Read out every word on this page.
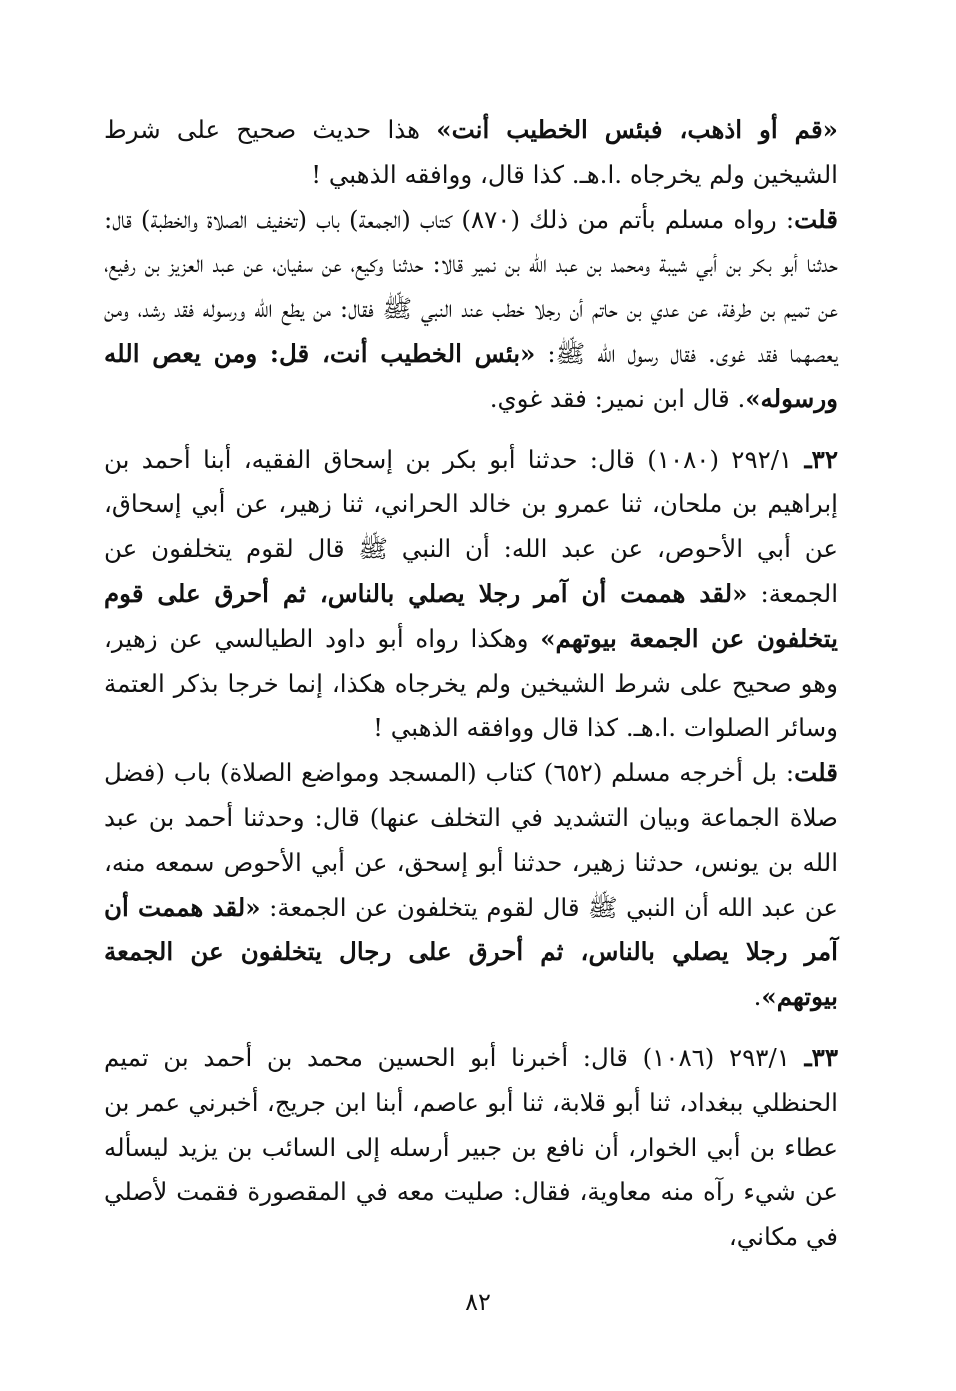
«قم أو اذهب، فبئس الخطيب أنت» هذا حديث صحيح على شرط الشيخين ولم يخرجاه .ا.هـ. كذا قال، ووافقه الذهبي !

قلت: رواه مسلم بأتم من ذلك (٨٧٠) كتاب (الجمعة) باب (تخفيف الصلاة والخطبة) قال: حدثنا أبو بكر بن أبي شيبة ومحمد بن عبد الله بن نمير قالا: حدثنا وكيع، عن سفيان، عن عبد العزيز بن رفيع، عن تميم بن طرفة، عن عدي بن حاتم أن رجلا خطب عند النبي ﷺ فقال: من يطع الله ورسوله فقد رشد، ومن يعصهما فقد غوى. فقال رسول الله ﷺ: «بئس الخطيب أنت، قل: ومن يعص الله ورسوله». قال ابن نمير: فقد غوي.

٣٢ـ ٢٩٢/١ (١٠٨٠) قال: حدثنا أبو بكر بن إسحاق الفقيه، أبنا أحمد بن إبراهيم بن ملحان، ثنا عمرو بن خالد الحراني، ثنا زهير، عن أبي إسحاق، عن أبي الأحوص، عن عبد الله: أن النبي ﷺ قال لقوم يتخلفون عن الجمعة: «لقد هممت أن آمر رجلا يصلي بالناس، ثم أحرق على قوم يتخلفون عن الجمعة بيوتهم» وهكذا رواه أبو داود الطيالسي عن زهير، وهو صحيح على شرط الشيخين ولم يخرجاه هكذا، إنما خرجا بذكر العتمة وسائر الصلوات .ا.هـ. كذا قال ووافقه الذهبي !

قلت: بل أخرجه مسلم (٦٥٢) كتاب (المسجد ومواضع الصلاة) باب (فضل صلاة الجماعة وبيان التشديد في التخلف عنها) قال: وحدثنا أحمد بن عبد الله بن يونس، حدثنا زهير، حدثنا أبو إسحق، عن أبي الأحوص سمعه منه، عن عبد الله أن النبي ﷺ قال لقوم يتخلفون عن الجمعة: «لقد هممت أن آمر رجلا يصلي بالناس، ثم أحرق على رجال يتخلفون عن الجمعة بيوتهم».

٣٣ـ ٢٩٣/١ (١٠٨٦) قال: أخبرنا أبو الحسين محمد بن أحمد بن تميم الحنظلي ببغداد، ثنا أبو قلابة، ثنا أبو عاصم، أبنا ابن جريج، أخبرني عمر بن عطاء بن أبي الخوار، أن نافع بن جبير أرسله إلى السائب بن يزيد ليسأله عن شيء رآه منه معاوية، فقال: صليت معه في المقصورة فقمت لأصلي في مكاني،

٨٢
